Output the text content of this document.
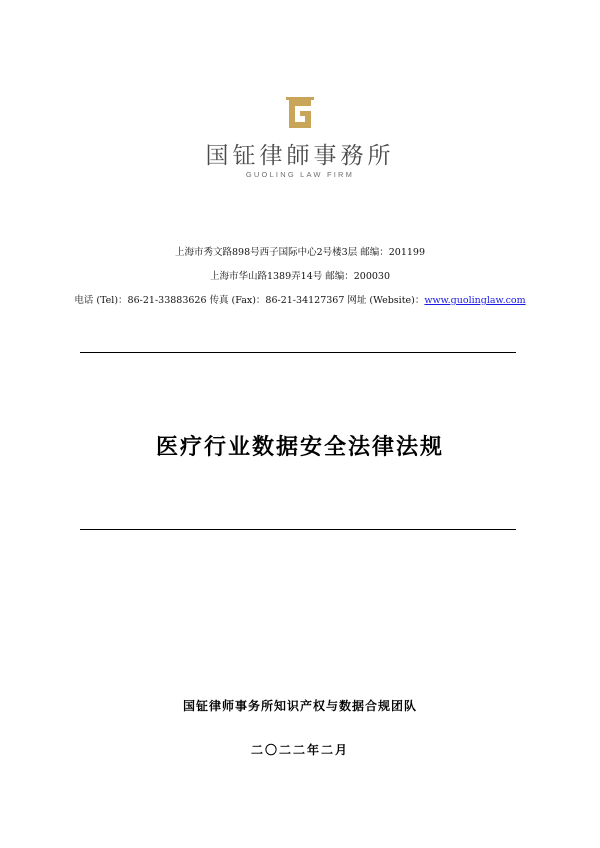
国钲律師事務所
GUOLING LAW FIRM
上海市秀文路898号西子国际中心2号楼3层 邮编：201199
上海市华山路1389弄14号 邮编：200030
电话 (Tel)：86-21-33883626 传真 (Fax)：86-21-34127367 网址 (Website)：www.guolinglaw.com
医疗行业数据安全法律法规
国钲律师事务所知识产权与数据合规团队
二〇二二年二月
